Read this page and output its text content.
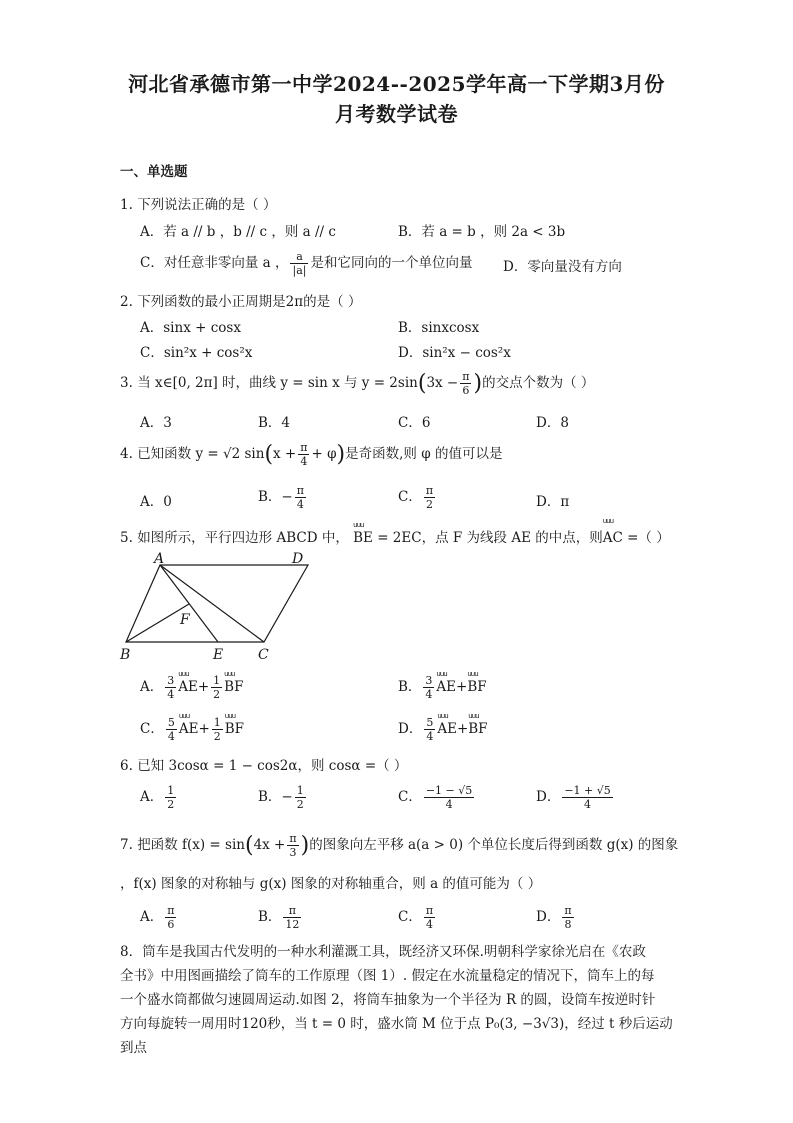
河北省承德市第一中学2024--2025学年高一下学期3月份
月考数学试卷
一、单选题
1. 下列说法正确的是（ ）
A．若 a // b ，b // c ，则 a // c	B．若 a = b ，则 2a < 3b
C．对任意非零向量 a ， $\frac{a}{|a|}$ 是和它同向的一个单位向量 D．零向量没有方向
2. 下列函数的最小正周期是2π的是（ ）
A．sinx + cosx	B．sinxcosx
C．sin²x + cos²x	D．sin²x − cos²x
3. 当 x∈[0, 2π] 时，曲线 y = sin x 与 $y = 2\sin(3x - \frac{\pi}{6}$ )的交点个数为（ ）
A．3	B．4	C．6	D．8
4. 已知函数 y = √2 $\sin(x + \frac{\pi}{4} + \varphi)$是奇函数,则 φ 的值可以是
A．0	B．− $\frac{\pi}{4}$	C． $\frac{\pi}{2}$	D．π
5. 如图所示，平行四边形 ABCD 中， uuu BE = 2EC，点 F 为线段 AE 的中点，则uuu AC =（ ）
A	D
F
B	E C
A． $\frac{3}{4}$ uuu $AE+ \frac{1}{2}$ uuu BF	B． $\frac{3}{4}$ uuu AE+uuu BF
C． $\frac{5}{4}$ uuu $AE+ \frac{1}{2}$ uuu BF	D． $\frac{5}{4}$ uuu AE+uuu BF
6. 已知 3cosα = 1 − cos2α，则 cosα =（ ）
A． $\frac{1}{2}$	B．− $\frac{1}{2}$	C． $\frac{-1 - √5}{4}$	D． $\frac{-1 + √5}{4}$
7. 把函数 $f(x) = \sin(4x + \frac{\pi}{3}$ )的图象向左平移 a(a > 0) 个单位长度后得到函数 g(x) 的图象
，f(x) 图象的对称轴与 g(x) 图象的对称轴重合，则 a 的值可能为（ ）
A． $\frac{\pi}{6}$	B． $\frac{\pi}{12}$	C． $\frac{\pi}{4}$	D． $\frac{\pi}{8}$
8．筒车是我国古代发明的一种水利灌溉工具，既经济又环保.明朝科学家徐光启在《农政
全书》中用图画描绘了筒车的工作原理（图 1）. 假定在水流量稳定的情况下，筒车上的每
一个盛水筒都做匀速圆周运动.如图 2，将筒车抽象为一个半径为 R 的圆，设筒车按逆时针
方向每旋转一周用时120秒，当 t = 0 时，盛水筒 M 位于点 P₀(3, −3√3)，经过 t 秒后运动到点
